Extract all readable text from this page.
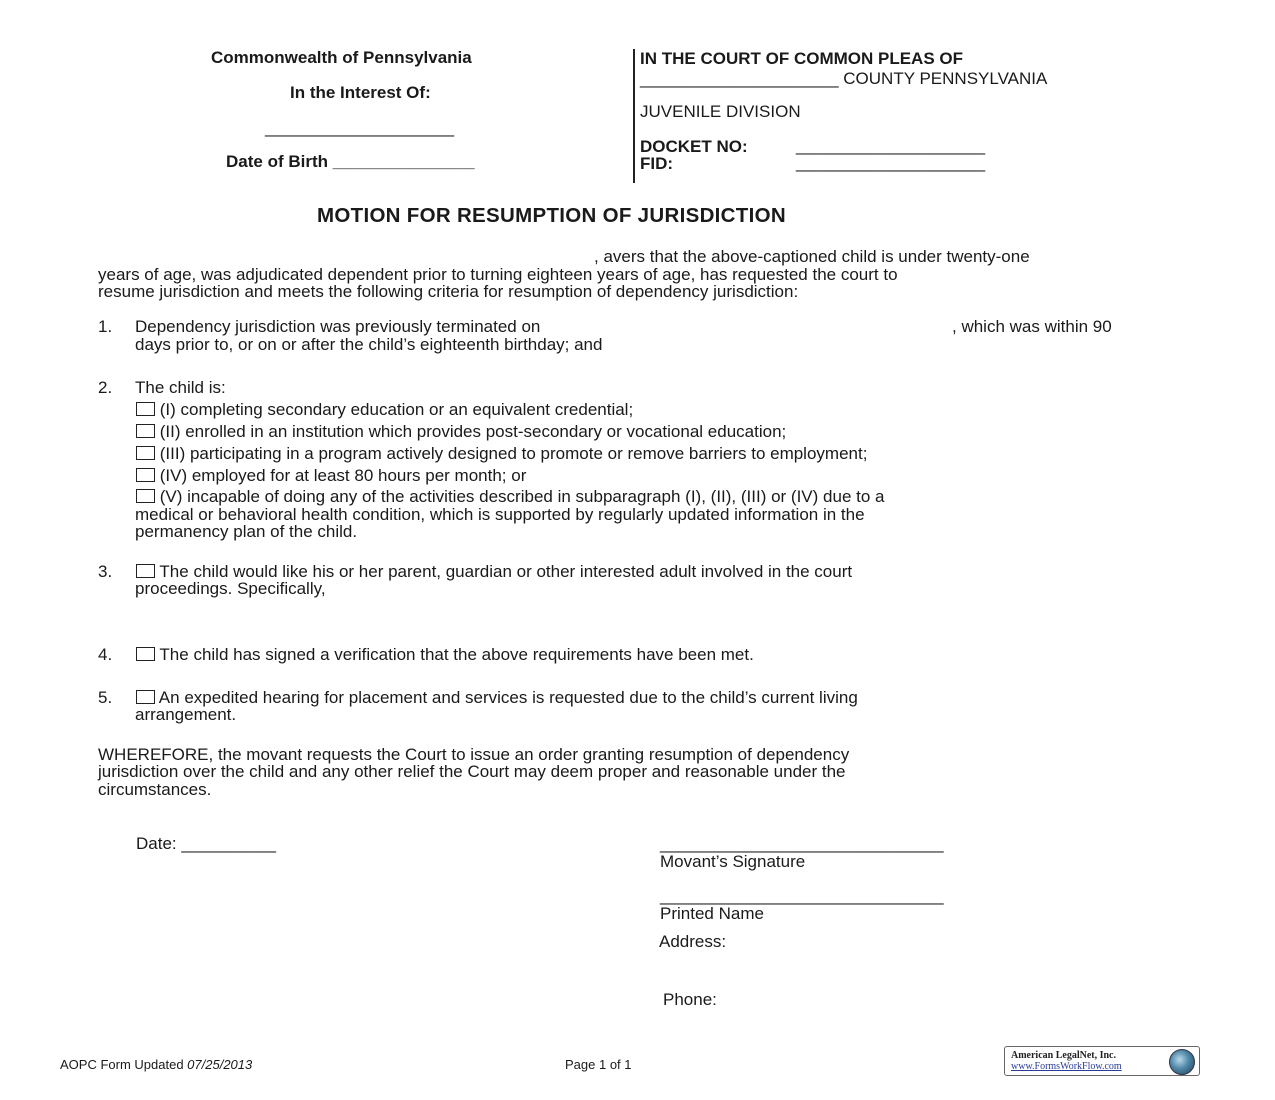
Commonwealth of Pennsylvania
In the Interest Of:
____________________
Date of Birth _______________
IN THE COURT OF COMMON PLEAS OF
_____________________ COUNTY PENNSYLVANIA
JUVENILE DIVISION
DOCKET NO:	____________________
FID:	____________________
MOTION FOR RESUMPTION OF JURISDICTION
, avers that the above-captioned child is under twenty-one
years of age, was adjudicated dependent prior to turning eighteen years of age, has requested the court to
resume jurisdiction and meets the following criteria for resumption of dependency jurisdiction:
1. Dependency jurisdiction was previously terminated on	, which was within 90
days prior to, or on or after the child’s eighteenth birthday; and
2. The child is:
(I) completing secondary education or an equivalent credential;
(II) enrolled in an institution which provides post-secondary or vocational education;
(III) participating in a program actively designed to promote or remove barriers to employment;
(IV) employed for at least 80 hours per month; or
(V) incapable of doing any of the activities described in subparagraph (I), (II), (III) or (IV) due to a
medical or behavioral health condition, which is supported by regularly updated information in the
permanency plan of the child.
3.	The child would like his or her parent, guardian or other interested adult involved in the court
proceedings. Specifically,
4.	The child has signed a verification that the above requirements have been met.
5.	An expedited hearing for placement and services is requested due to the child’s current living
arrangement.
WHEREFORE, the movant requests the Court to issue an order granting resumption of dependency
jurisdiction over the child and any other relief the Court may deem proper and reasonable under the
circumstances.
Date: __________	______________________________
Movant’s Signature
______________________________
Printed Name
Address:
Phone:
AOPC Form Updated 07/25/2013	Page 1 of 1
American LegalNet, Inc.
www.FormsWorkFlow.com
